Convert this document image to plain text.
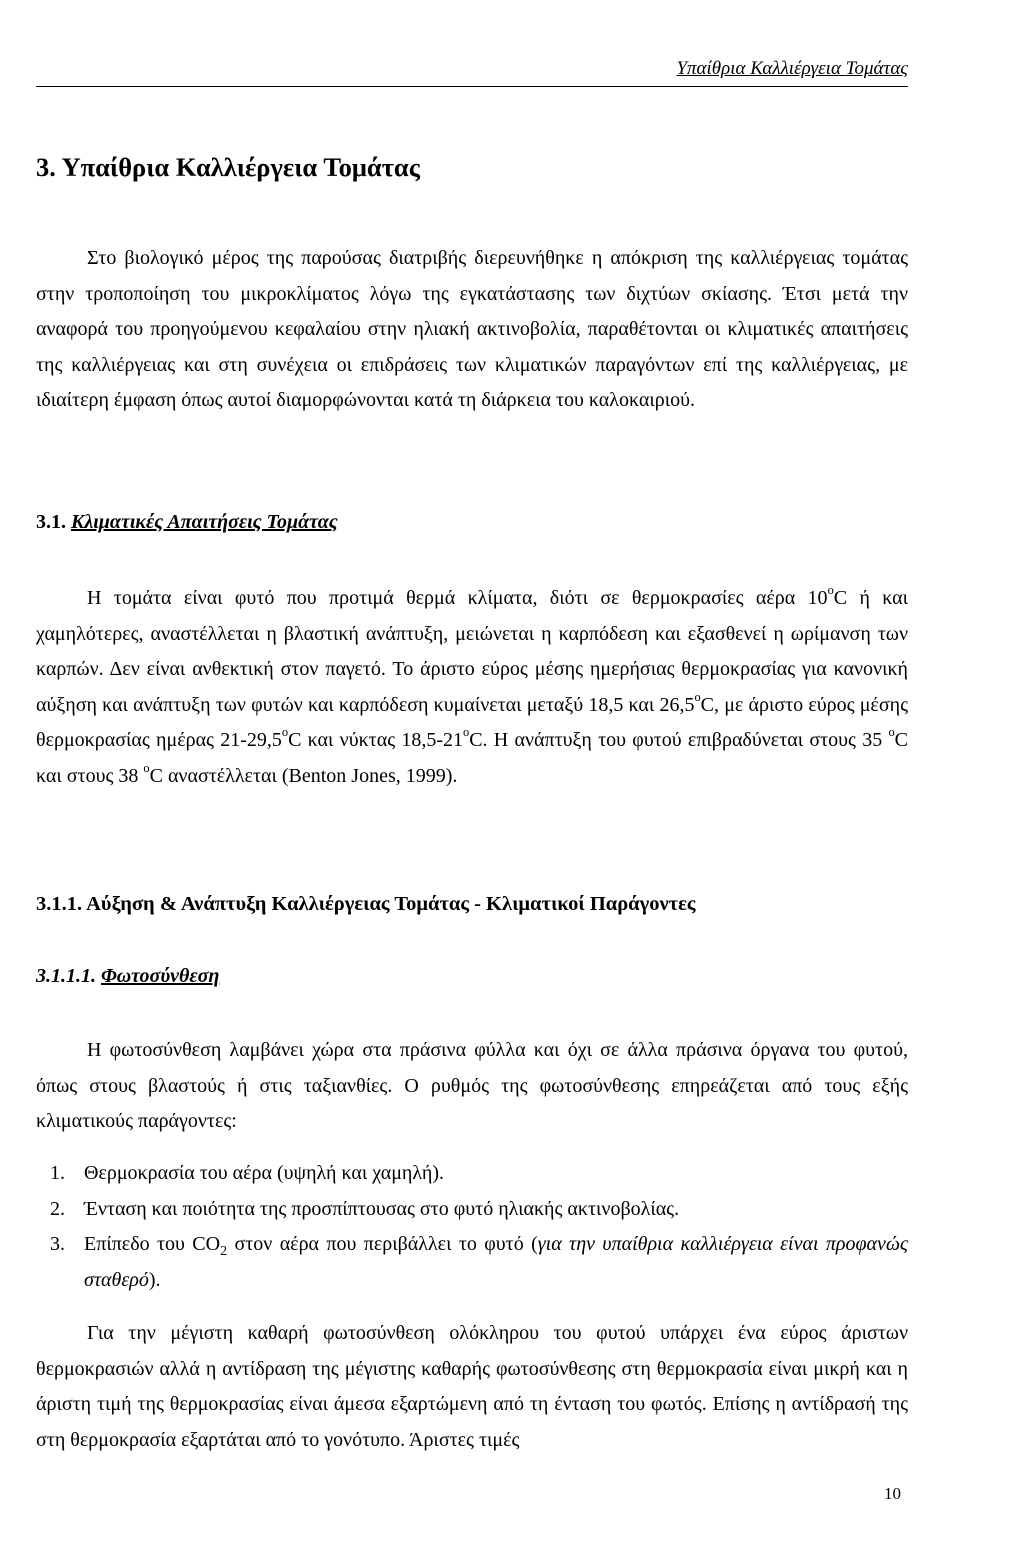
Υπαίθρια Καλλιέργεια Τομάτας
3. Υπαίθρια Καλλιέργεια Τομάτας

Στο βιολογικό μέρος της παρούσας διατριβής διερευνήθηκε η απόκριση της καλλιέργειας τομάτας στην τροποποίηση του μικροκλίματος λόγω της εγκατάστασης των διχτύων σκίασης. Έτσι μετά την αναφορά του προηγούμενου κεφαλαίου στην ηλιακή ακτινοβολία, παραθέτονται οι κλιματικές απαιτήσεις της καλλιέργειας και στη συνέχεια οι επιδράσεις των κλιματικών παραγόντων επί της καλλιέργειας, με ιδιαίτερη έμφαση όπως αυτοί διαμορφώνονται κατά τη διάρκεια του καλοκαιριού.

3.1. Κλιματικές Απαιτήσεις Τομάτας

Η τομάτα είναι φυτό που προτιμά θερμά κλίματα, διότι σε θερμοκρασίες αέρα $10^oC$ ή και χαμηλότερες, αναστέλλεται η βλαστική ανάπτυξη, μειώνεται η καρπόδεση και εξασθενεί η ωρίμανση των καρπών. Δεν είναι ανθεκτική στον παγετό. Το άριστο εύρος μέσης ημερήσιας θερμοκρασίας για κανονική αύξηση και ανάπτυξη των φυτών και καρπόδεση κυμαίνεται μεταξύ 18,5 και $26,5^oC$, με άριστο εύρος μέσης θερμοκρασίας ημέρας $21-29,5^oC$ και νύκτας $18,5-21^oC$. Η ανάπτυξη του φυτού επιβραδύνεται στους 35 $^o$C και στους 38 $^o$C αναστέλλεται (Benton Jones, 1999).

3.1.1. Αύξηση & Ανάπτυξη Καλλιέργειας Τομάτας - Κλιματικοί Παράγοντες
3.1.1.1. Φωτοσύνθεση

Η φωτοσύνθεση λαμβάνει χώρα στα πράσινα φύλλα και όχι σε άλλα πράσινα όργανα του φυτού, όπως στους βλαστούς ή στις ταξιανθίες. Ο ρυθμός της φωτοσύνθεσης επηρεάζεται από τους εξής κλιματικούς παράγοντες:

1. Θερμοκρασία του αέρα (υψηλή και χαμηλή).
2. Ένταση και ποιότητα της προσπίπτουσας στο φυτό ηλιακής ακτινοβολίας.
3. Επίπεδο του $CO_2$ στον αέρα που περιβάλλει το φυτό (για την υπαίθρια καλλιέργεια είναι προφανώς σταθερό).

Για την μέγιστη καθαρή φωτοσύνθεση ολόκληρου του φυτού υπάρχει ένα εύρος άριστων θερμοκρασιών αλλά η αντίδραση της μέγιστης καθαρής φωτοσύνθεσης στη θερμοκρασία είναι μικρή και η άριστη τιμή της θερμοκρασίας είναι άμεσα εξαρτώμενη από τη ένταση του φωτός. Επίσης η αντίδρασή της στη θερμοκρασία εξαρτάται από το γονότυπο. Άριστες τιμές

10
